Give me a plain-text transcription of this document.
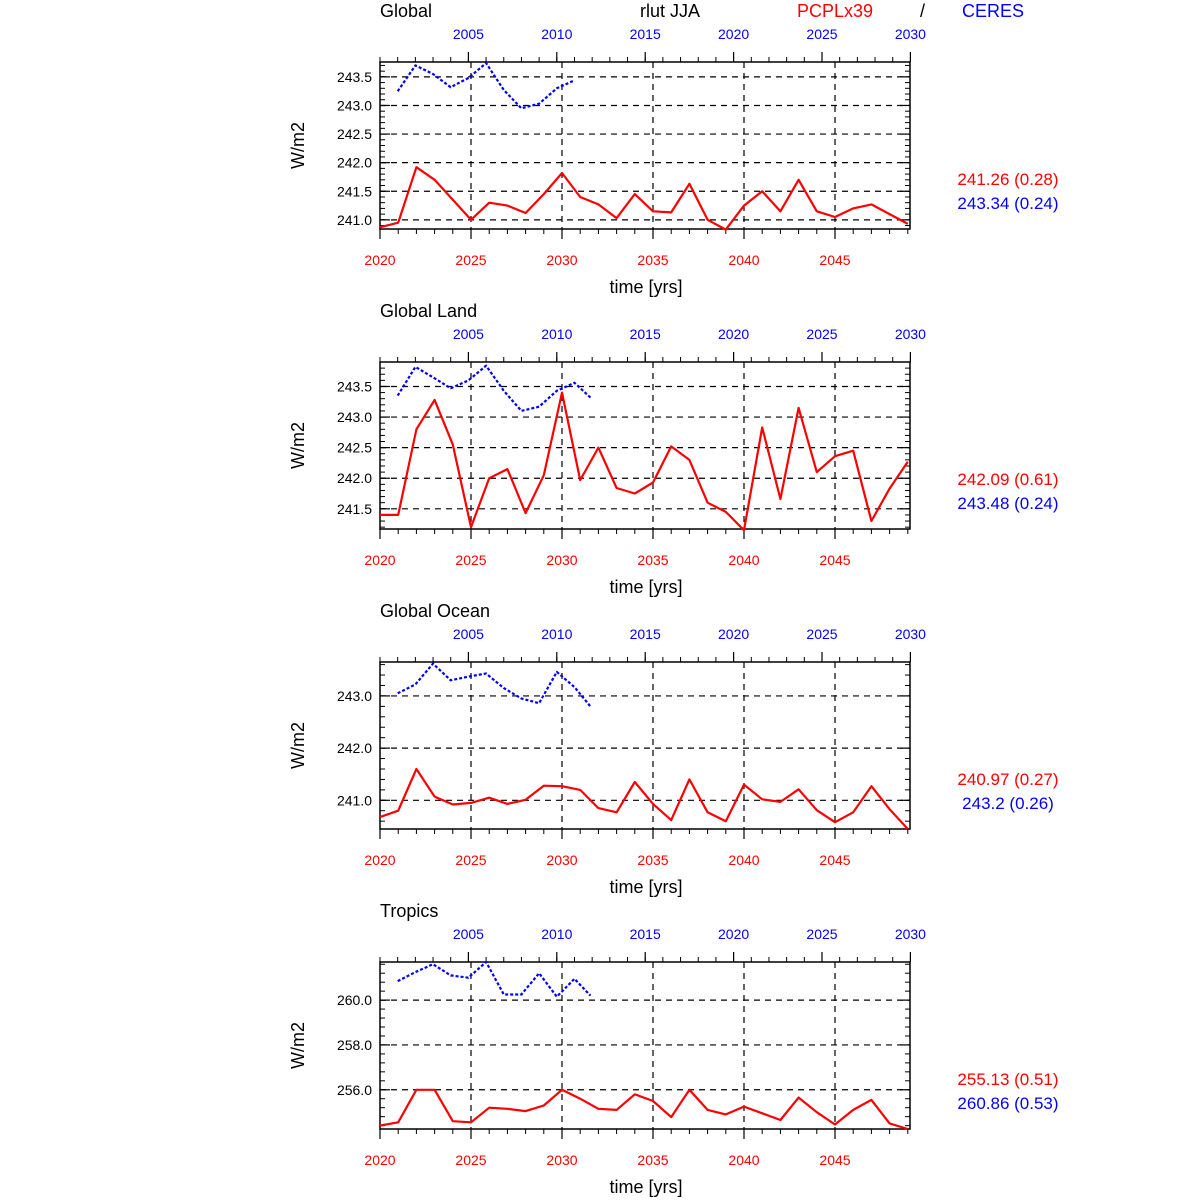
Global	rlut JJA	PCPLx39	/ CERES
241.0
241.5
242.0
242.5
243.0
243.5
2020	2025	2030	2035	2040	2045
2005	2010	2015	2020	2025	2030
time [yrs]
W/m2
241.26 (0.28)
243.34 (0.24)
Global Land
241.5
242.0
242.5
243.0
243.5
2020	2025	2030	2035	2040	2045
2005	2010	2015	2020	2025	2030
time [yrs]
W/m2
242.09 (0.61)
243.48 (0.24)
Global Ocean
241.0
242.0
243.0
2020	2025	2030	2035	2040	2045
2005	2010	2015	2020	2025	2030
time [yrs]
W/m2
240.97 (0.27)
243.2 (0.26)
Tropics
256.0
258.0
260.0
2020	2025	2030	2035	2040	2045
2005	2010	2015	2020	2025	2030
time [yrs]
W/m2
255.13 (0.51)
260.86 (0.53)
